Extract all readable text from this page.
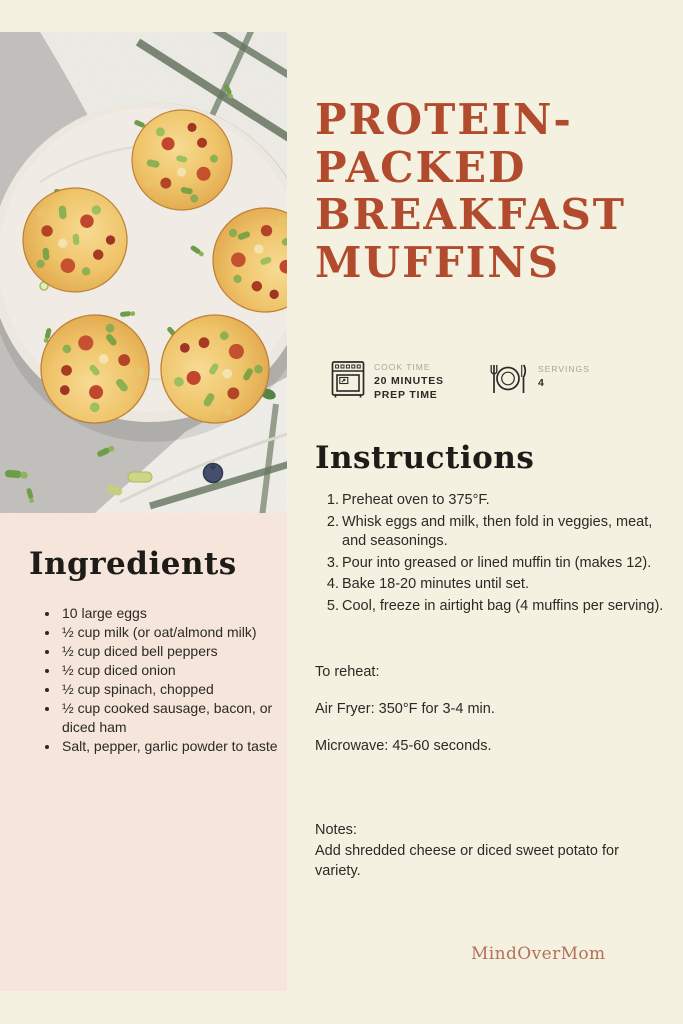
Ingredients
• 10 large eggs
• ½ cup milk (or oat/almond milk)
• ½ cup diced bell peppers
• ½ cup diced onion
• ½ cup spinach, chopped
• ½ cup cooked sausage, bacon, or diced ham
• Salt, pepper, garlic powder to taste
PROTEIN-
PACKED
BREAKFAST
MUFFINS
COOK TIME
20 MINUTES
PREP TIME
SERVINGS
4
Instructions
1. Preheat oven to 375°F.
2. Whisk eggs and milk, then fold in veggies, meat, and seasonings.
3. Pour into greased or lined muffin tin (makes 12).
4. Bake 18-20 minutes until set.
5. Cool, freeze in airtight bag (4 muffins per serving).

To reheat:

Air Fryer: 350°F for 3-4 min.

Microwave: 45-60 seconds.

Notes:

Add shredded cheese or diced sweet potato for variety.

MindOverMom
